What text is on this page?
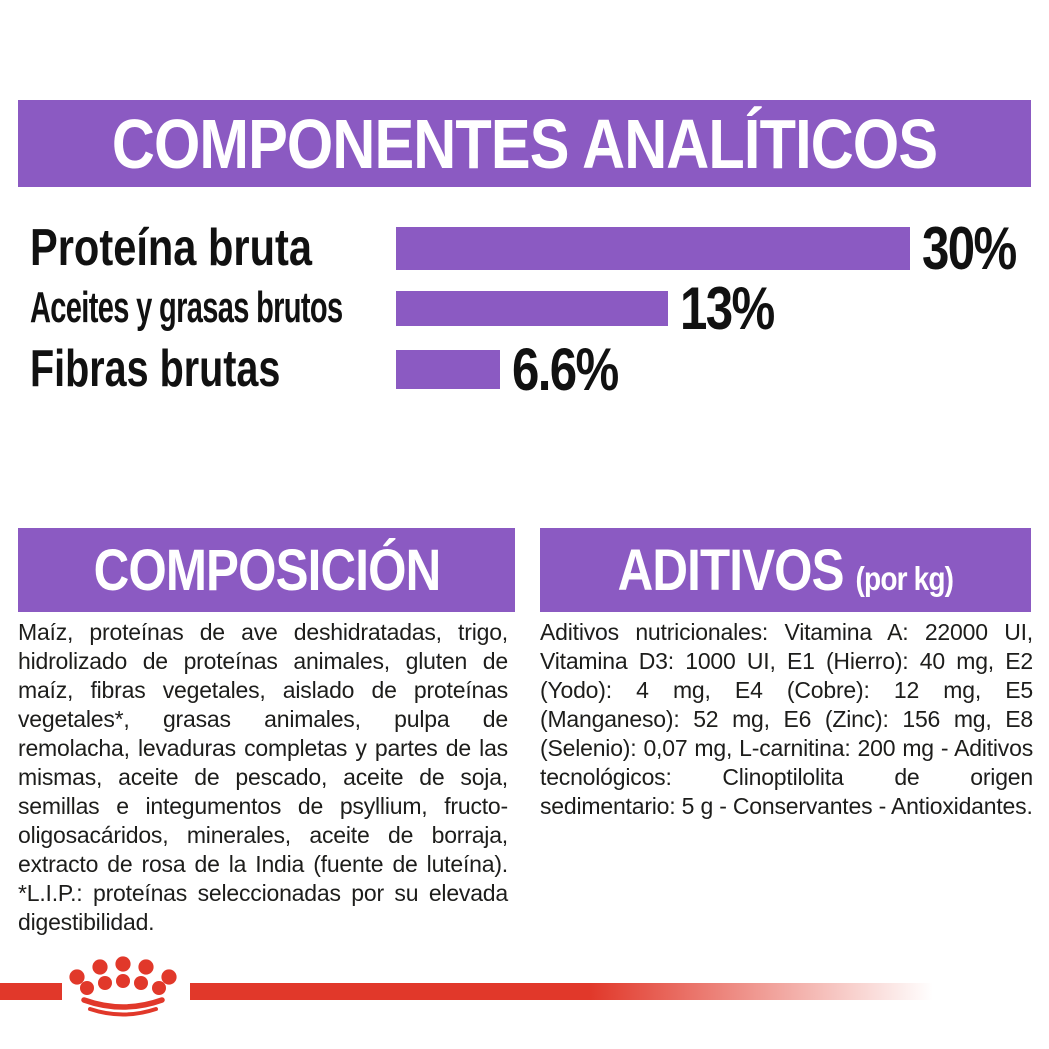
COMPONENTES ANALÍTICOS
Proteína bruta	30%
Aceites y grasas brutos	13%
Fibras brutas	6.6%
COMPOSICIÓN	ADITIVOS (por kg)

Maíz, proteínas de ave deshidratadas, trigo, hidrolizado de proteínas animales, gluten de maíz, fibras vegetales, aislado de proteínas vegetales*, grasas animales, pulpa de remolacha, levaduras completas y partes de las mismas, aceite de pescado, aceite de soja, semillas e integumentos de psyllium, fructo-oligosacáridos, minerales, aceite de borraja, extracto de rosa de la India (fuente de luteína). *L.I.P.: proteínas seleccionadas por su elevada digestibilidad.

Aditivos nutricionales: Vitamina A: 22000 UI, Vitamina D3: 1000 UI, E1 (Hierro): 40 mg, E2 (Yodo): 4 mg, E4 (Cobre): 12 mg, E5 (Manganeso): 52 mg, E6 (Zinc): 156 mg, E8 (Selenio): 0,07 mg, L-carnitina: 200 mg - Aditivos tecnológicos: Clinoptilolita de origen sedimentario: 5 g - Conservantes - Antioxidantes.
